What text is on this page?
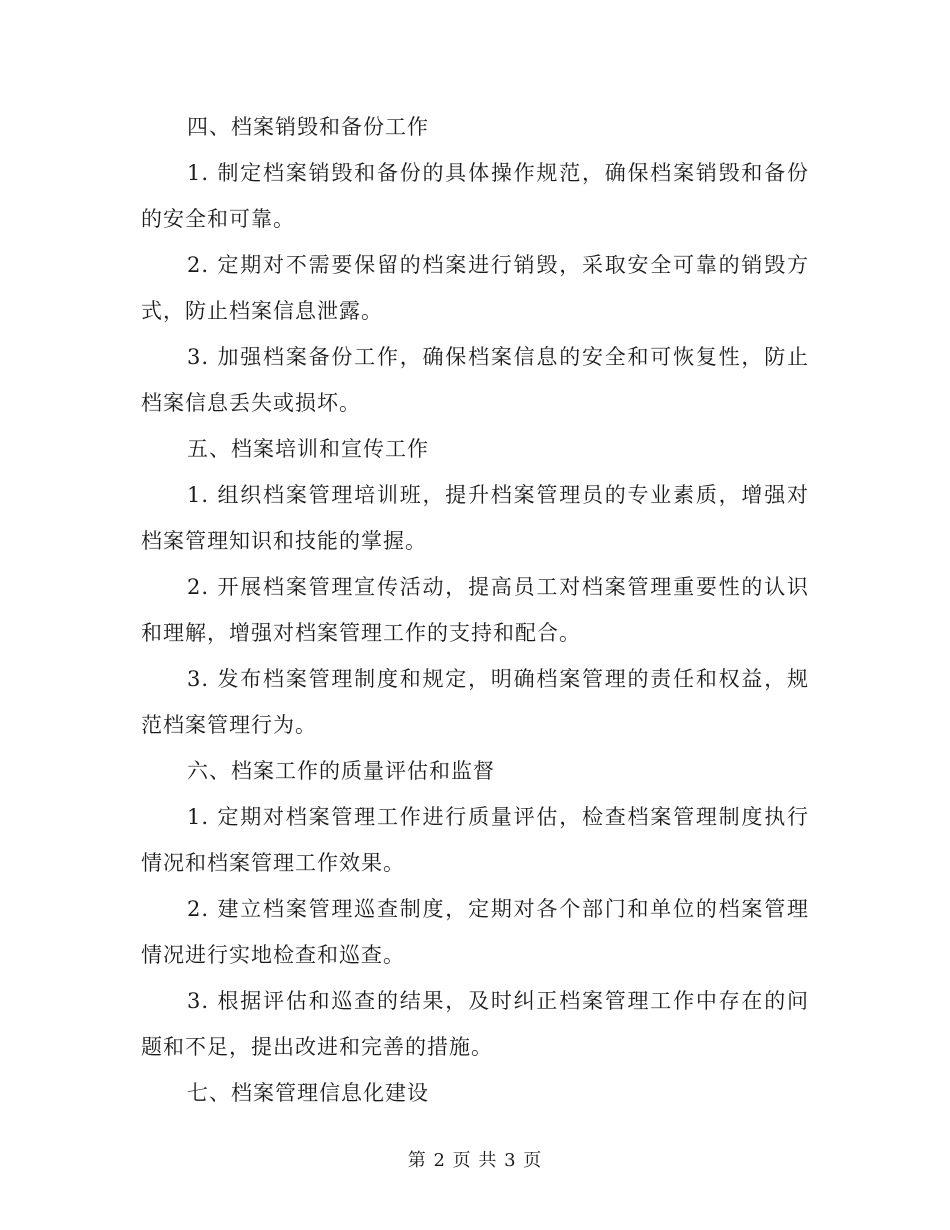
四、档案销毁和备份工作

1. 制定档案销毁和备份的具体操作规范，确保档案销毁和备份的安全和可靠。

2. 定期对不需要保留的档案进行销毁，采取安全可靠的销毁方式，防止档案信息泄露。

3. 加强档案备份工作，确保档案信息的安全和可恢复性，防止档案信息丢失或损坏。

五、档案培训和宣传工作

1. 组织档案管理培训班，提升档案管理员的专业素质，增强对档案管理知识和技能的掌握。

2. 开展档案管理宣传活动，提高员工对档案管理重要性的认识和理解，增强对档案管理工作的支持和配合。

3. 发布档案管理制度和规定，明确档案管理的责任和权益，规范档案管理行为。

六、档案工作的质量评估和监督

1. 定期对档案管理工作进行质量评估，检查档案管理制度执行情况和档案管理工作效果。

2. 建立档案管理巡查制度，定期对各个部门和单位的档案管理情况进行实地检查和巡查。

3. 根据评估和巡查的结果，及时纠正档案管理工作中存在的问题和不足，提出改进和完善的措施。

七、档案管理信息化建设

第 2 页 共 3 页
